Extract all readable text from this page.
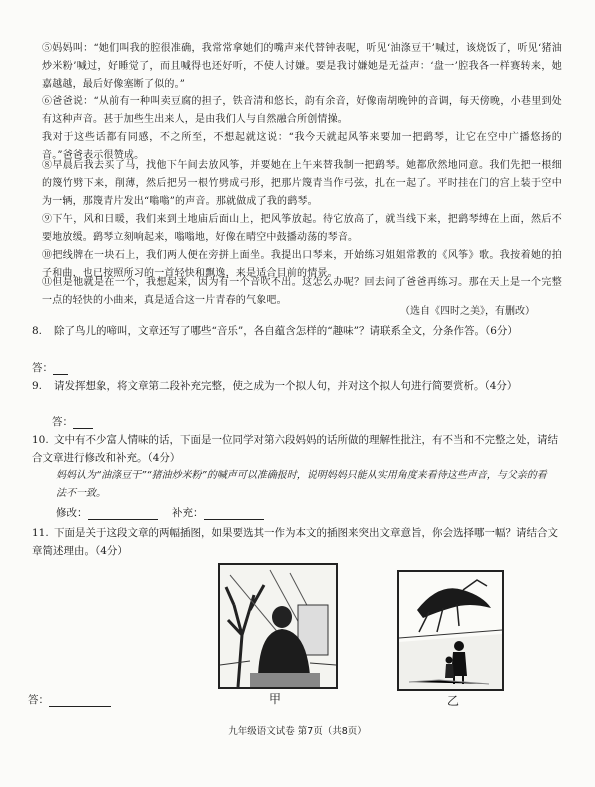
⑤妈妈叫：“她们叫我的腔很准确，我常常拿她们的嘴声来代替钟表呢，听见‘油涤豆干’喊过，该烧饭了，听见‘猪油炒米粉’喊过，好睡觉了，而且喊得也还好听，不使人讨嫌。要是我讨嫌她是无益声：‘盘一’腔我各一样赛转来，她嘉越越，最后好像塞断了似的。”
⑥爸爸说：“从前有一种叫卖豆腐的担子，铁音清和悠长，韵有余音，好像南胡晚钟的音调，每天傍晚，小巷里到处有这种声音。甚于加些生出来人，是由我们人与自然融合所创情操。
我对于这些话都有同感，不之所至，不想起就这说：“我今天就起风筝来要加一把鹞琴，让它在空中广播悠扬的音。”爸爸表示很赞成。
⑧早晨后我去买了马，找他下午间去放风筝，并要她在上午来替我制一把鹞琴。她都欣然地同意。我们先把一根细的篾竹劈下来，削薄，然后把另一根竹劈成弓形，把那片篾青当作弓弦，扎在一起了。平时挂在门的宫上装于空中为一辆，那篾青片发出“嗡嗡”的声音。那就做成了我的鹞琴。
⑨下午，风和日暖，我们来到土地庙后面山上，把风筝放起。待它放高了，就当线下来，把鹞琴缚在上面，然后不要地放缓。鹞琴立刻响起来，嗡嗡地，好像在晴空中鼓播动荡的琴音。
⑩把线牌在一块石上，我们两人便在旁拼上面坐。我提出口琴来，开始练习姐姐常教的《风筝》歌。我按着她的拍子和曲，也已按照所习的一首轻快和飘逸，来是适合目前的情景。
⑪但是他就是在一个，我想起来，因为有一个音吹不出。这怎么办呢？回去问了爸爸再练习。那在天上是一个完整一点的轻快的小曲来，真是适合这一片青春的气象吧。
（选自《四时之美》，有删改）
8. 除了鸟儿的啼叫，文章还写了哪些“音乐”，各自蕴含怎样的“趣味”？请联系全文，分条作答。（6分）
答：
9. 请发挥想象，将文章第二段补充完整，使之成为一个拟人句，并对这个拟人句进行简要赏析。（4分）
答：
10. 文中有不少富人情味的话，下面是一位同学对第六段妈妈的话所做的理解性批注，有不当和不完整之处，请结合文章进行修改和补充。（4分）
妈妈认为“油涤豆干”“猪油炒米粉”的喊声可以准确报时，说明妈妈只能从实用角度来看待这些声音，与父亲的看法不一致。
修改：	补充：
11. 下面是关于这段文章的两幅插图，如果要选其一作为本文的插图来突出文章意旨，你会选择哪一幅？请结合文章简述理由。（4分）
甲	乙
答：
九年级语文试卷 第7页（共8页）
